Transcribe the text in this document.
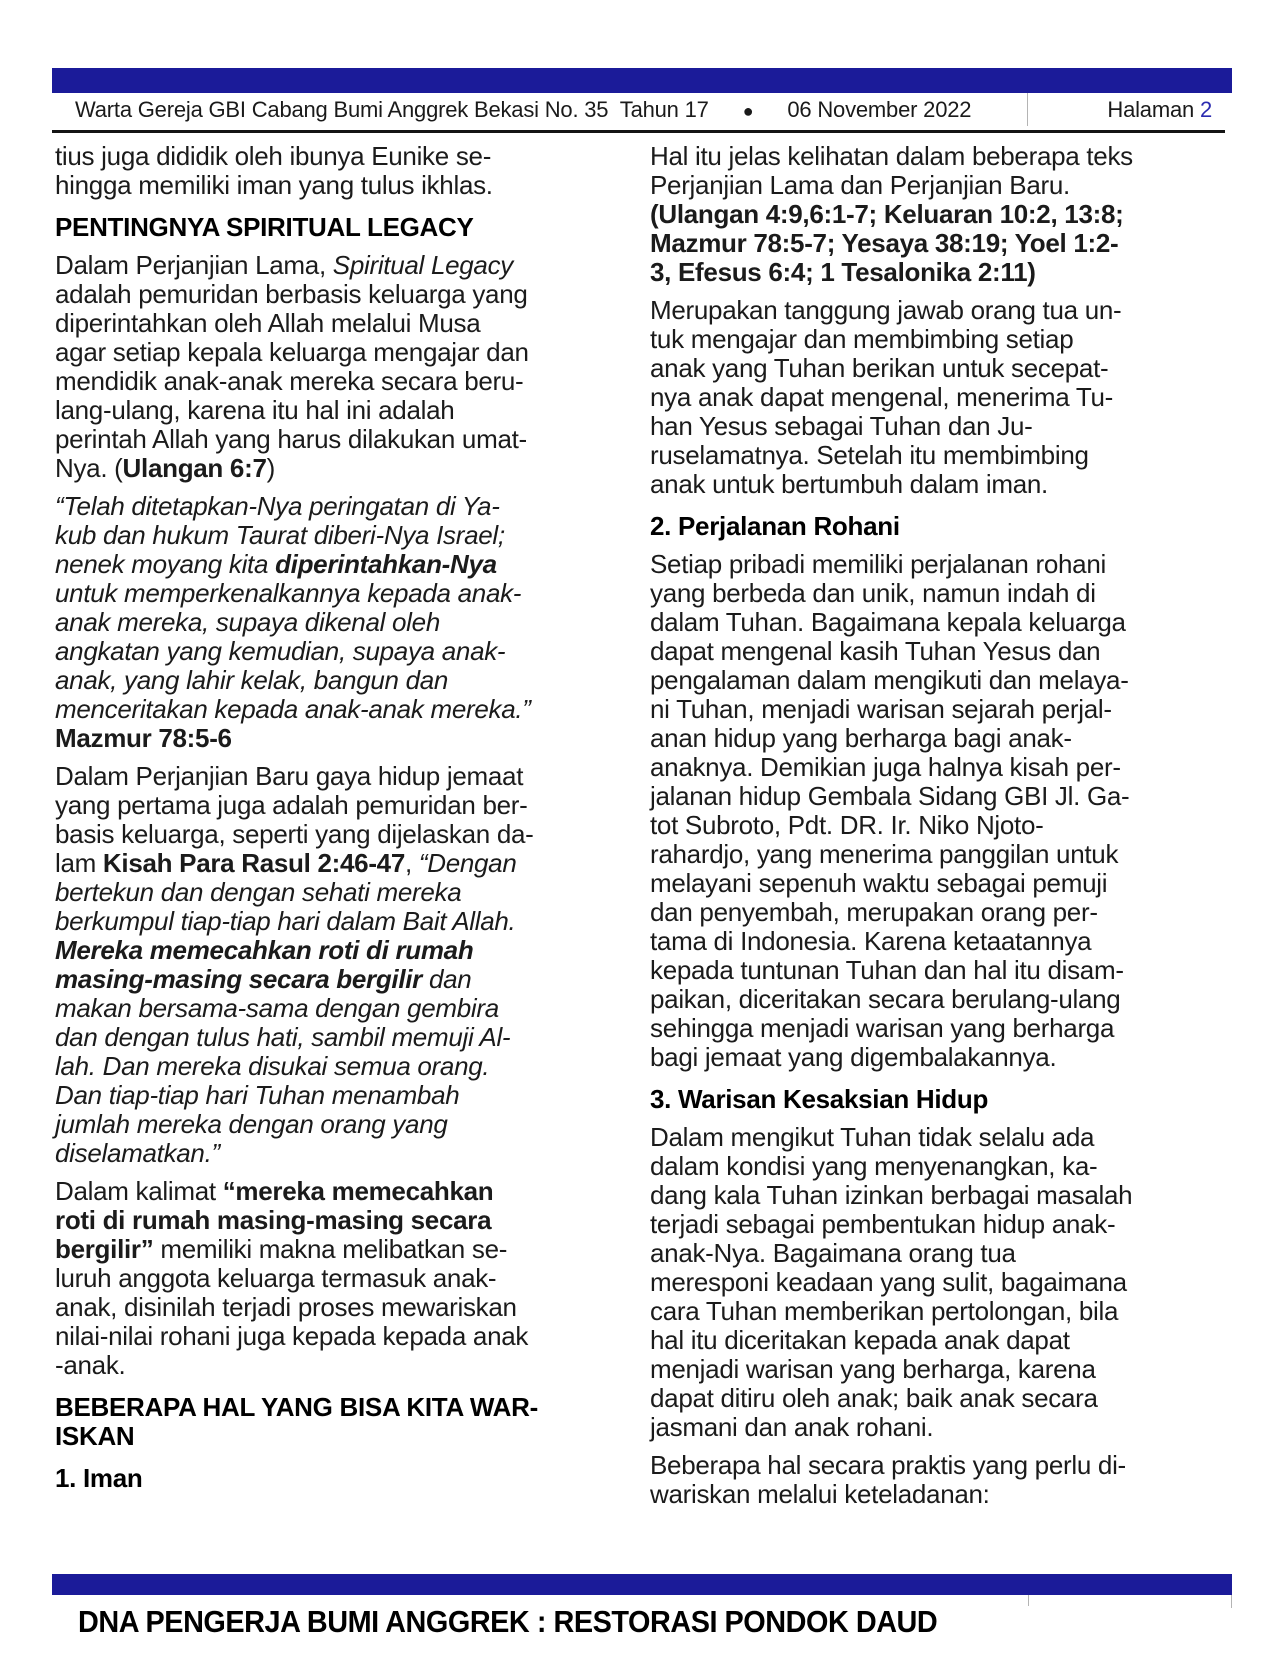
Warta Gereja GBI Cabang Bumi Anggrek Bekasi No. 35  Tahun 17 ● 06 November 2022	Halaman 2
tius juga dididik oleh ibunya Eunike se-
hingga memiliki iman yang tulus ikhlas.
PENTINGNYA SPIRITUAL LEGACY
Dalam Perjanjian Lama, Spiritual Legacy
adalah pemuridan berbasis keluarga yang
diperintahkan oleh Allah melalui Musa
agar setiap kepala keluarga mengajar dan
mendidik anak-anak mereka secara beru-
lang-ulang, karena itu hal ini adalah
perintah Allah yang harus dilakukan umat-
Nya. (Ulangan 6:7)
“Telah ditetapkan-Nya peringatan di Ya-
kub dan hukum Taurat diberi-Nya Israel;
nenek moyang kita diperintahkan-Nya
untuk memperkenalkannya kepada anak-
anak mereka, supaya dikenal oleh
angkatan yang kemudian, supaya anak-
anak, yang lahir kelak, bangun dan
menceritakan kepada anak-anak mereka.”
Mazmur 78:5-6
Dalam Perjanjian Baru gaya hidup jemaat
yang pertama juga adalah pemuridan ber-
basis keluarga, seperti yang dijelaskan da-
lam Kisah Para Rasul 2:46-47, “Dengan
bertekun dan dengan sehati mereka
berkumpul tiap-tiap hari dalam Bait Allah.
Mereka memecahkan roti di rumah
masing-masing secara bergilir dan
makan bersama-sama dengan gembira
dan dengan tulus hati, sambil memuji Al-
lah. Dan mereka disukai semua orang.
Dan tiap-tiap hari Tuhan menambah
jumlah mereka dengan orang yang
diselamatkan.”
Dalam kalimat “mereka memecahkan
roti di rumah masing-masing secara
bergilir” memiliki makna melibatkan se-
luruh anggota keluarga termasuk anak-
anak, disinilah terjadi proses mewariskan
nilai-nilai rohani juga kepada kepada anak
-anak.
BEBERAPA HAL YANG BISA KITA WAR-
ISKAN
1. Iman
Hal itu jelas kelihatan dalam beberapa teks
Perjanjian Lama dan Perjanjian Baru.
(Ulangan 4:9,6:1-7; Keluaran 10:2, 13:8;
Mazmur 78:5-7; Yesaya 38:19; Yoel 1:2-
3, Efesus 6:4; 1 Tesalonika 2:11)
Merupakan tanggung jawab orang tua un-
tuk mengajar dan membimbing setiap
anak yang Tuhan berikan untuk secepat-
nya anak dapat mengenal, menerima Tu-
han Yesus sebagai Tuhan dan Ju-
ruselamatnya. Setelah itu membimbing
anak untuk bertumbuh dalam iman.
2. Perjalanan Rohani
Setiap pribadi memiliki perjalanan rohani
yang berbeda dan unik, namun indah di
dalam Tuhan. Bagaimana kepala keluarga
dapat mengenal kasih Tuhan Yesus dan
pengalaman dalam mengikuti dan melaya-
ni Tuhan, menjadi warisan sejarah perjal-
anan hidup yang berharga bagi anak-
anaknya. Demikian juga halnya kisah per-
jalanan hidup Gembala Sidang GBI Jl. Ga-
tot Subroto, Pdt. DR. Ir. Niko Njoto-
rahardjo, yang menerima panggilan untuk
melayani sepenuh waktu sebagai pemuji
dan penyembah, merupakan orang per-
tama di Indonesia. Karena ketaatannya
kepada tuntunan Tuhan dan hal itu disam-
paikan, diceritakan secara berulang-ulang
sehingga menjadi warisan yang berharga
bagi jemaat yang digembalakannya.
3. Warisan Kesaksian Hidup
Dalam mengikut Tuhan tidak selalu ada
dalam kondisi yang menyenangkan, ka-
dang kala Tuhan izinkan berbagai masalah
terjadi sebagai pembentukan hidup anak-
anak-Nya. Bagaimana orang tua
meresponi keadaan yang sulit, bagaimana
cara Tuhan memberikan pertolongan, bila
hal itu diceritakan kepada anak dapat
menjadi warisan yang berharga, karena
dapat ditiru oleh anak; baik anak secara
jasmani dan anak rohani.
Beberapa hal secara praktis yang perlu di-
wariskan melalui keteladanan:
DNA PENGERJA BUMI ANGGREK : RESTORASI PONDOK DAUD
